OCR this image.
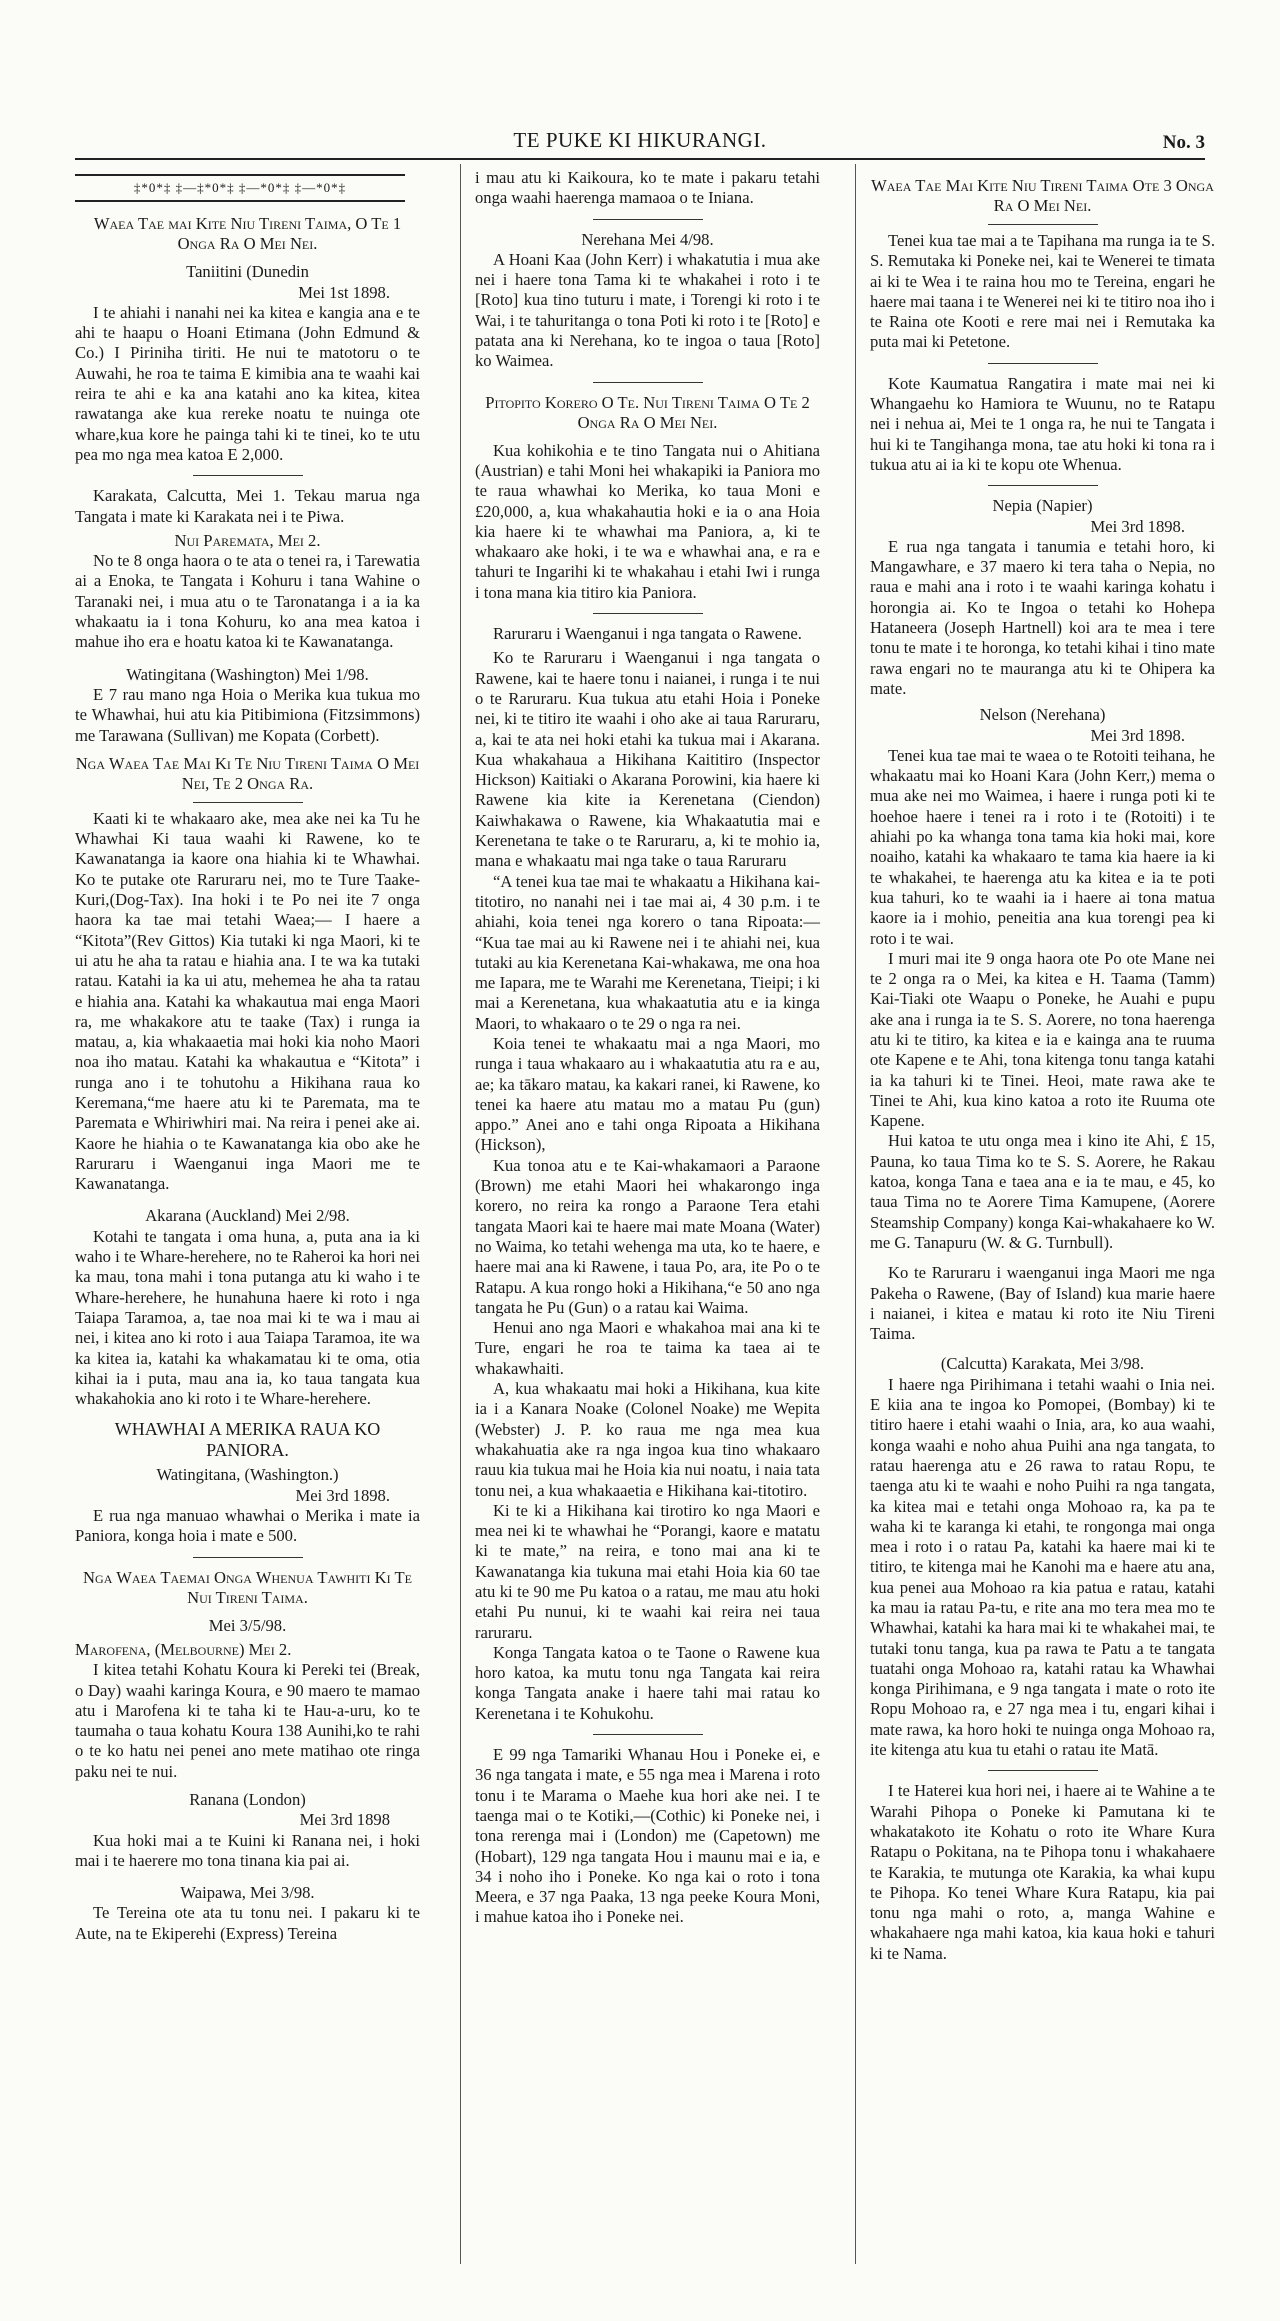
TE PUKE KI HIKURANGI.	No. 3
‡*0*‡ ‡—‡*0*‡ ‡—*0*‡ ‡—*0*‡
Waea Tae mai Kite Niu Tireni Taima, O Te 1 Onga Ra O Mei Nei.
Taniitini (Dunedin
Mei 1st 1898.

I te ahiahi i nanahi nei ka kitea e kangia ana e te ahi te haapu o Hoani Etimana (John Edmund & Co.) I Piriniha tiriti. He nui te matotoru o te Auwahi, he roa te taima E kimibia ana te waahi kai reira te ahi e ka ana katahi ano ka kitea, kitea rawatanga ake kua rereke noatu te nuinga ote whare,kua kore he painga tahi ki te tinei, ko te utu pea mo nga mea katoa E 2,000.

Karakata, Calcutta, Mei 1. Tekau marua nga Tangata i mate ki Karakata nei i te Piwa.

Nui Paremata, Mei 2.

No te 8 onga haora o te ata o tenei ra, i Tarewatia ai a Enoka, te Tangata i Kohuru i tana Wahine o Taranaki nei, i mua atu o te Taronatanga i a ia ka whakaatu ia i tona Kohuru, ko ana mea katoa i mahue iho era e hoatu katoa ki te Kawanatanga.

Watingitana (Washington) Mei 1/98.

E 7 rau mano nga Hoia o Merika kua tukua mo te Whawhai, hui atu kia Pitibimiona (Fitzsimmons) me Tarawana (Sullivan) me Kopata (Corbett).

Nga Waea Tae Mai Ki Te Niu Tireni Taima O Mei Nei, Te 2 Onga Ra.

Kaati ki te whakaaro ake, mea ake nei ka Tu he Whawhai Ki taua waahi ki Rawene, ko te Kawanatanga ia kaore ona hiahia ki te Whawhai. Ko te putake ote Raruraru nei, mo te Ture Taake-Kuri,(Dog-Tax). Ina hoki i te Po nei ite 7 onga haora ka tae mai tetahi Waea;— I haere a “Kitota”(Rev Gittos) Kia tutaki ki nga Maori, ki te ui atu he aha ta ratau e hiahia ana. I te wa ka tutaki ratau. Katahi ia ka ui atu, mehemea he aha ta ratau e hiahia ana. Katahi ka whakautua mai enga Maori ra, me whakakore atu te taake (Tax) i runga ia matau, a, kia whakaaetia mai hoki kia noho Maori noa iho matau. Katahi ka whakautua e “Kitota” i runga ano i te tohutohu a Hikihana raua ko Keremana,“me haere atu ki te Paremata, ma te Paremata e Whiriwhiri mai. Na reira i penei ake ai. Kaore he hiahia o te Kawanatanga kia obo ake he Raruraru i Waenganui inga Maori me te Kawanatanga.

Akarana (Auckland) Mei 2/98.

Kotahi te tangata i oma huna, a, puta ana ia ki waho i te Whare-herehere, no te Raheroi ka hori nei ka mau, tona mahi i tona putanga atu ki waho i te Whare-herehere, he hunahuna haere ki roto i nga Taiapa Taramoa, a, tae noa mai ki te wa i mau ai nei, i kitea ano ki roto i aua Taiapa Taramoa, ite wa ka kitea ia, katahi ka whakamatau ki te oma, otia kihai ia i puta, mau ana ia, ko taua tangata kua whakahokia ano ki roto i te Whare-herehere.

WHAWHAI A MERIKA RAUA KO PANIORA.
Watingitana, (Washington.)
Mei 3rd 1898.

E rua nga manuao whawhai o Merika i mate ia Paniora, konga hoia i mate e 500.

Nga Waea Taemai Onga Whenua Tawhiti Ki Te Nui Tireni Taima.
Mei 3/5/98.
Marofena, (Melbourne) Mei 2.

I kitea tetahi Kohatu Koura ki Pereki tei (Break, o Day) waahi karinga Koura, e 90 maero te mamao atu i Marofena ki te taha ki te Hau-a-uru, ko te taumaha o taua kohatu Koura 138 Aunihi,ko te rahi o te ko hatu nei penei ano mete matihao ote ringa paku nei te nui.

Ranana (London)
Mei 3rd 1898

Kua hoki mai a te Kuini ki Ranana nei, i hoki mai i te haerere mo tona tinana kia pai ai.

Waipawa, Mei 3/98.

Te Tereina ote ata tu tonu nei. I pakaru ki te Aute, na te Ekiperehi (Express) Tereina

i mau atu ki Kaikoura, ko te mate i pakaru tetahi onga waahi haerenga mamaoa o te Iniana.

Nerehana Mei 4/98.

A Hoani Kaa (John Kerr) i whakatutia i mua ake nei i haere tona Tama ki te whakahei i roto i te [Roto] kua tino tuturu i mate, i Torengi ki roto i te Wai, i te tahuritanga o tona Poti ki roto i te [Roto] e patata ana ki Nerehana, ko te ingoa o taua [Roto] ko Waimea.

Pitopito Korero O Te. Nui Tireni Taima O Te 2 Onga Ra O Mei Nei.

Kua kohikohia e te tino Tangata nui o Ahitiana (Austrian) e tahi Moni hei whakapiki ia Paniora mo te raua whawhai ko Merika, ko taua Moni e £20,000, a, kua whakahautia hoki e ia o ana Hoia kia haere ki te whawhai ma Paniora, a, ki te whakaaro ake hoki, i te wa e whawhai ana, e ra e tahuri te Ingarihi ki te whakahau i etahi Iwi i runga i tona mana kia titiro kia Paniora.

Raruraru i Waenganui i nga tangata o Rawene.

Ko te Raruraru i Waenganui i nga tangata o Rawene, kai te haere tonu i naianei, i runga i te nui o te Raruraru. Kua tukua atu etahi Hoia i Poneke nei, ki te titiro ite waahi i oho ake ai taua Raruraru, a, kai te ata nei hoki etahi ka tukua mai i Akarana. Kua whakahaua a Hikihana Kaititiro (Inspector Hickson) Kaitiaki o Akarana Porowini, kia haere ki Rawene kia kite ia Kerenetana (Ciendon) Kaiwhakawa o Rawene, kia Whakaatutia mai e Kerenetana te take o te Raruraru, a, ki te mohio ia, mana e whakaatu mai nga take o taua Raruraru

“A tenei kua tae mai te whakaatu a Hikihana kai-titotiro, no nanahi nei i tae mai ai, 4 30 p.m. i te ahiahi, koia tenei nga korero o tana Ripoata:— “Kua tae mai au ki Rawene nei i te ahiahi nei, kua tutaki au kia Kerenetana Kai-whakawa, me ona hoa me Iapara, me te Warahi me Kerenetana, Tieipi; i ki mai a Kerenetana, kua whakaatutia atu e ia kinga Maori, to whakaaro o te 29 o nga ra nei.

Koia tenei te whakaatu mai a nga Maori, mo runga i taua whakaaro au i whakaatutia atu ra e au, ae; ka tākaro matau, ka kakari ranei, ki Rawene, ko tenei ka haere atu matau mo a matau Pu (gun) appo.” Anei ano e tahi onga Ripoata a Hikihana (Hickson),

Kua tonoa atu e te Kai-whakamaori a Paraone (Brown) me etahi Maori hei whakarongo inga korero, no reira ka rongo a Paraone Tera etahi tangata Maori kai te haere mai mate Moana (Water) no Waima, ko tetahi wehenga ma uta, ko te haere, e haere mai ana ki Rawene, i taua Po, ara, ite Po o te Ratapu. A kua rongo hoki a Hikihana,“e 50 ano nga tangata he Pu (Gun) o a ratau kai Waima.

Henui ano nga Maori e whakahoa mai ana ki te Ture, engari he roa te taima ka taea ai te whakawhaiti.

A, kua whakaatu mai hoki a Hikihana, kua kite ia i a Kanara Noake (Colonel Noake) me Wepita (Webster) J. P. ko raua me nga mea kua whakahuatia ake ra nga ingoa kua tino whakaaro rauu kia tukua mai he Hoia kia nui noatu, i naia tata tonu nei, a kua whakaaetia e Hikihana kai-titotiro.

Ki te ki a Hikihana kai tirotiro ko nga Maori e mea nei ki te whawhai he “Porangi, kaore e matatu ki te mate,” na reira, e tono mai ana ki te Kawanatanga kia tukuna mai etahi Hoia kia 60 tae atu ki te 90 me Pu katoa o a ratau, me mau atu hoki etahi Pu nunui, ki te waahi kai reira nei taua raruraru.

Konga Tangata katoa o te Taone o Rawene kua horo katoa, ka mutu tonu nga Tangata kai reira konga Tangata anake i haere tahi mai ratau ko Kerenetana i te Kohukohu.

E 99 nga Tamariki Whanau Hou i Poneke ei, e 36 nga tangata i mate, e 55 nga mea i Marena i roto tonu i te Marama o Maehe kua hori ake nei. I te taenga mai o te Kotiki,—(Cothic) ki Poneke nei, i tona rerenga mai i (London) me (Capetown) me (Hobart), 129 nga tangata Hou i maunu mai e ia, e 34 i noho iho i Poneke. Ko nga kai o roto i tona Meera, e 37 nga Paaka, 13 nga peeke Koura Moni, i mahue katoa iho i Poneke nei.

Waea Tae Mai Kite Niu Tireni Taima Ote 3 Onga Ra O Mei Nei.

Tenei kua tae mai a te Tapihana ma runga ia te S. S. Remutaka ki Poneke nei, kai te Wenerei te timata ai ki te Wea i te raina hou mo te Tereina, engari he haere mai taana i te Wenerei nei ki te titiro noa iho i te Raina ote Kooti e rere mai nei i Remutaka ka puta mai ki Petetone.

Kote Kaumatua Rangatira i mate mai nei ki Whangaehu ko Hamiora te Wuunu, no te Ratapu nei i nehua ai, Mei te 1 onga ra, he nui te Tangata i hui ki te Tangihanga mona, tae atu hoki ki tona ra i tukua atu ai ia ki te kopu ote Whenua.

Nepia (Napier)
Mei 3rd 1898.

E rua nga tangata i tanumia e tetahi horo, ki Mangawhare, e 37 maero ki tera taha o Nepia, no raua e mahi ana i roto i te waahi karinga kohatu i horongia ai. Ko te Ingoa o tetahi ko Hohepa Hataneera (Joseph Hartnell) koi ara te mea i tere tonu te mate i te horonga, ko tetahi kihai i tino mate rawa engari no te mauranga atu ki te Ohipera ka mate.

Nelson (Nerehana)
Mei 3rd 1898.

Tenei kua tae mai te waea o te Rotoiti teihana, he whakaatu mai ko Hoani Kara (John Kerr,) mema o mua ake nei mo Waimea, i haere i runga poti ki te hoehoe haere i tenei ra i roto i te (Rotoiti) i te ahiahi po ka whanga tona tama kia hoki mai, kore noaiho, katahi ka whakaaro te tama kia haere ia ki te whakahei, te haerenga atu ka kitea e ia te poti kua tahuri, ko te waahi ia i haere ai tona matua kaore ia i mohio, peneitia ana kua torengi pea ki roto i te wai.

I muri mai ite 9 onga haora ote Po ote Mane nei te 2 onga ra o Mei, ka kitea e H. Taama (Tamm) Kai-Tiaki ote Waapu o Poneke, he Auahi e pupu ake ana i runga ia te S. S. Aorere, no tona haerenga atu ki te titiro, ka kitea e ia e kainga ana te ruuma ote Kapene e te Ahi, tona kitenga tonu tanga katahi ia ka tahuri ki te Tinei. Heoi, mate rawa ake te Tinei te Ahi, kua kino katoa a roto ite Ruuma ote Kapene.

Hui katoa te utu onga mea i kino ite Ahi, £ 15, Pauna, ko taua Tima ko te S. S. Aorere, he Rakau katoa, konga Tana e taea ana e ia te mau, e 45, ko taua Tima no te Aorere Tima Kamupene, (Aorere Steamship Company) konga Kai-whakahaere ko W. me G. Tanapuru (W. & G. Turnbull).

Ko te Raruraru i waenganui inga Maori me nga Pakeha o Rawene, (Bay of Island) kua marie haere i naianei, i kitea e matau ki roto ite Niu Tireni Taima.

(Calcutta) Karakata, Mei 3/98.

I haere nga Pirihimana i tetahi waahi o Inia nei. E kiia ana te ingoa ko Pomopei, (Bombay) ki te titiro haere i etahi waahi o Inia, ara, ko aua waahi, konga waahi e noho ahua Puihi ana nga tangata, to ratau haerenga atu e 26 rawa to ratau Ropu, te taenga atu ki te waahi e noho Puihi ra nga tangata, ka kitea mai e tetahi onga Mohoao ra, ka pa te waha ki te karanga ki etahi, te rongonga mai onga mea i roto i o ratau Pa, katahi ka haere mai ki te titiro, te kitenga mai he Kanohi ma e haere atu ana, kua penei aua Mohoao ra kia patua e ratau, katahi ka mau ia ratau Pa-tu, e rite ana mo tera mea mo te Whawhai, katahi ka hara mai ki te whakahei mai, te tutaki tonu tanga, kua pa rawa te Patu a te tangata tuatahi onga Mohoao ra, katahi ratau ka Whawhai konga Pirihimana, e 9 nga tangata i mate o roto ite Ropu Mohoao ra, e 27 nga mea i tu, engari kihai i mate rawa, ka horo hoki te nuinga onga Mohoao ra, ite kitenga atu kua tu etahi o ratau ite Matā.

I te Haterei kua hori nei, i haere ai te Wahine a te Warahi Pihopa o Poneke ki Pamutana ki te whakatakoto ite Kohatu o roto ite Whare Kura Ratapu o Pokitana, na te Pihopa tonu i whakahaere te Karakia, te mutunga ote Karakia, ka whai kupu te Pihopa. Ko tenei Whare Kura Ratapu, kia pai tonu nga mahi o roto, a, manga Wahine e whakahaere nga mahi katoa, kia kaua hoki e tahuri ki te Nama.
